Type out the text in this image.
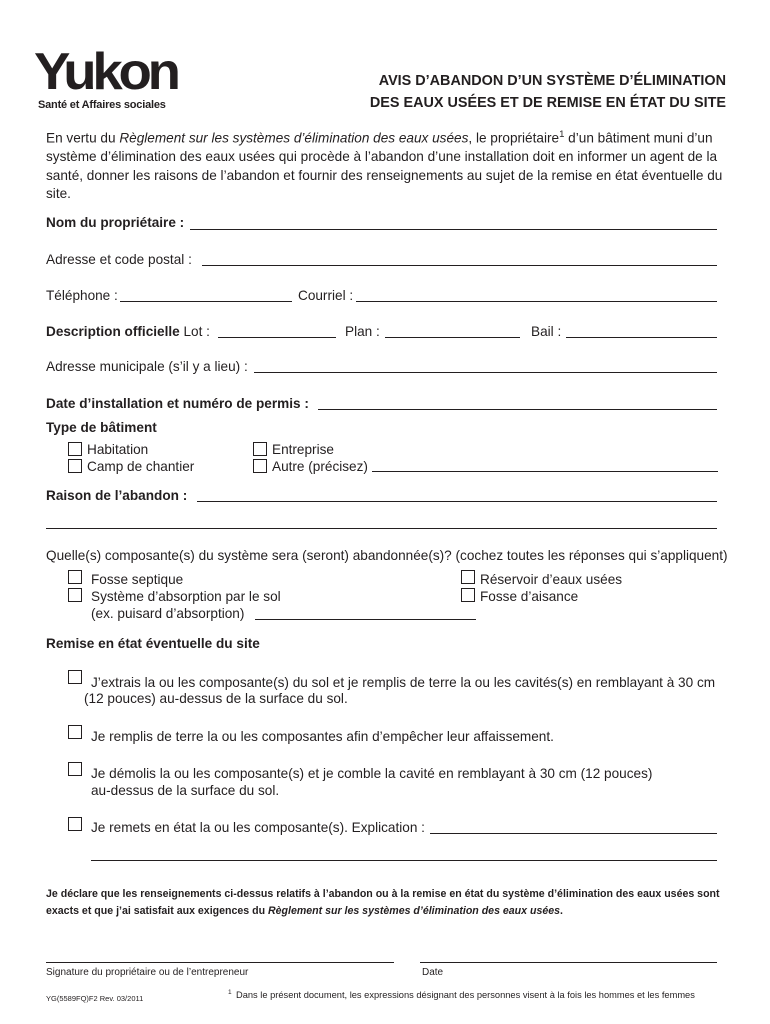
Yukon
Santé et Affaires sociales
AVIS D’ABANDON D’UN SYSTÈME D’ÉLIMINATION
DES EAUX USÉES ET DE REMISE EN ÉTAT DU SITE
En vertu du Règlement sur les systèmes d’élimination des eaux usées, le propriétaire$^1$ d’un bâtiment muni d’un système d’élimination des eaux usées qui procède à l’abandon d’une installation doit en informer un agent de la santé, donner les raisons de l’abandon et fournir des renseignements au sujet de la remise en état éventuelle du site.
Nom du propriétaire :
Adresse et code postal :
Téléphone :	Courriel :
Description officielle Lot :	Plan :	Bail :
Adresse municipale (s’il y a lieu) :
Date d’installation et numéro de permis :
Type de bâtiment
Habitation
Camp de chantier
Entreprise
Autre (précisez)
Raison de l’abandon :
Quelle(s) composante(s) du système sera (seront) abandonnée(s)? (cochez toutes les réponses qui s’appliquent)
Fosse septique
Système d’absorption par le sol
(ex. puisard d’absorption)
Réservoir d’eaux usées
Fosse d’aisance
Remise en état éventuelle du site
J’extrais la ou les composante(s) du sol et je remplis de terre la ou les cavités(s) en remblayant à 30 cm
(12 pouces) au-dessus de la surface du sol.
Je remplis de terre la ou les composantes afin d’empêcher leur affaissement.
Je démolis la ou les composante(s) et je comble la cavité en remblayant à 30 cm (12 pouces)
au-dessus de la surface du sol.
Je remets en état la ou les composante(s). Explication :
Je déclare que les renseignements ci-dessus relatifs à l’abandon ou à la remise en état du système d’élimination des eaux usées sont exacts et que j’ai satisfait aux exigences du Règlement sur les systèmes d’élimination des eaux usées.
Signature du propriétaire ou de l’entrepreneur	Date
YG(5589FQ)F2 Rev. 03/2011
1 Dans le présent document, les expressions désignant des personnes visent à la fois les hommes et les femmes
